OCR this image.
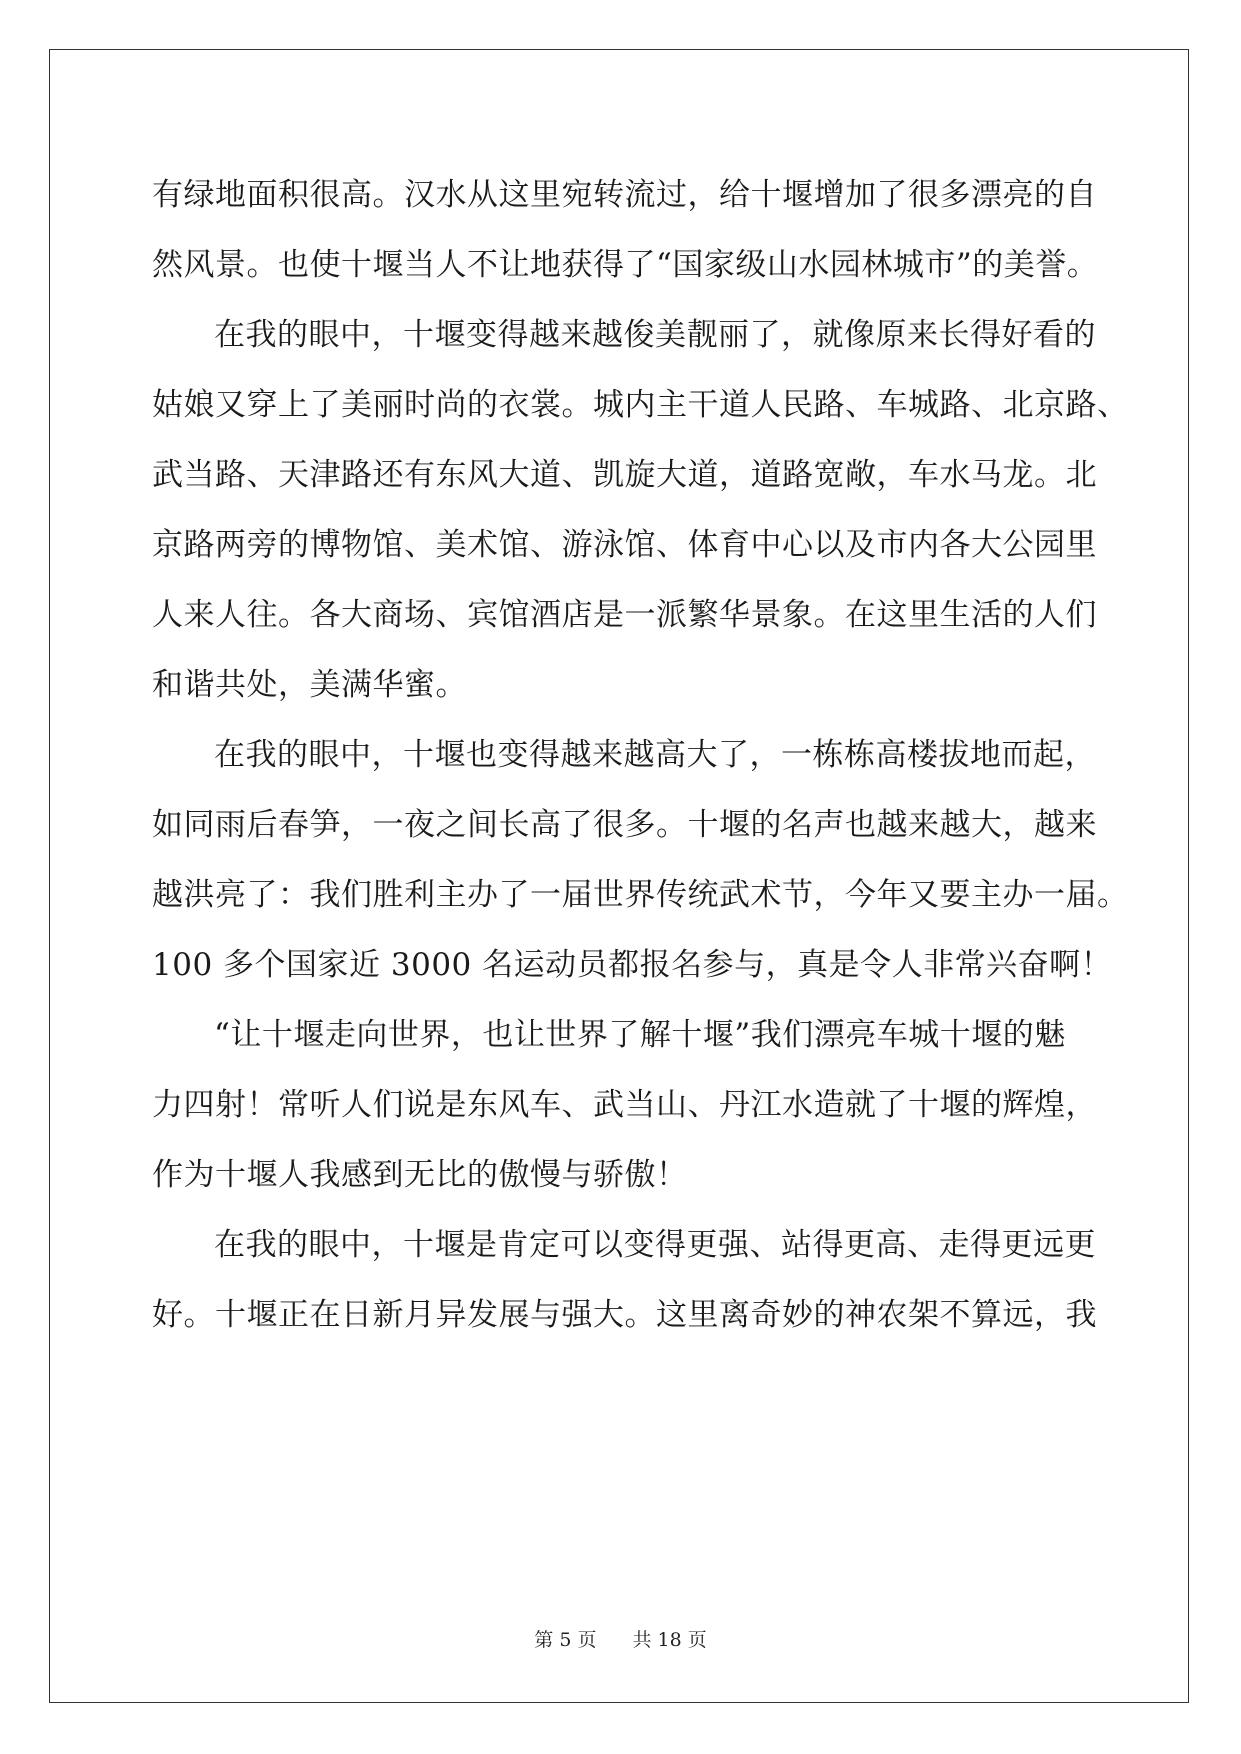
有绿地面积很高。汉水从这里宛转流过，给十堰增加了很多漂亮的自
然风景。也使十堰当人不让地获得了“国家级山水园林城市”的美誉。
在我的眼中，十堰变得越来越俊美靓丽了，就像原来长得好看的
姑娘又穿上了美丽时尚的衣裳。城内主干道人民路、车城路、北京路、
武当路、天津路还有东风大道、凯旋大道，道路宽敞，车水马龙。北
京路两旁的博物馆、美术馆、游泳馆、体育中心以及市内各大公园里
人来人往。各大商场、宾馆酒店是一派繁华景象。在这里生活的人们
和谐共处，美满华蜜。
在我的眼中，十堰也变得越来越高大了，一栋栋高楼拔地而起，
如同雨后春笋，一夜之间长高了很多。十堰的名声也越来越大，越来
越洪亮了：我们胜利主办了一届世界传统武术节，今年又要主办一届。
100 多个国家近 3000 名运动员都报名参与，真是令人非常兴奋啊！
“让十堰走向世界，也让世界了解十堰”我们漂亮车城十堰的魅
力四射！常听人们说是东风车、武当山、丹江水造就了十堰的辉煌，
作为十堰人我感到无比的傲慢与骄傲！
在我的眼中，十堰是肯定可以变得更强、站得更高、走得更远更
好。十堰正在日新月异发展与强大。这里离奇妙的神农架不算远，我
第 5 页 共 18 页
